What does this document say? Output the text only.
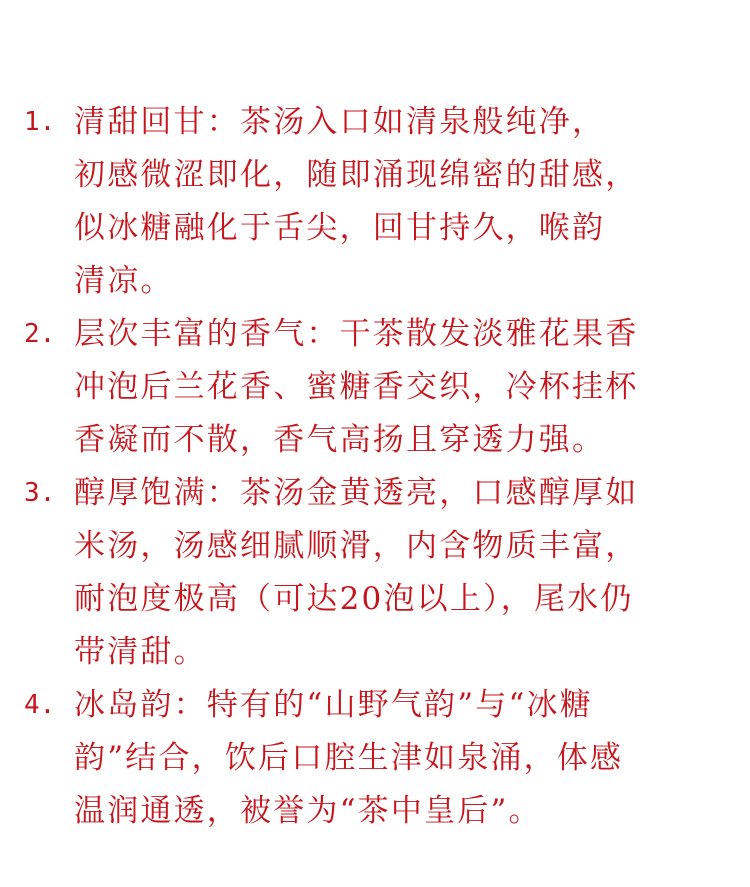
1. 清甜回甘：茶汤入口如清泉般纯净，
初感微涩即化，随即涌现绵密的甜感，
似冰糖融化于舌尖，回甘持久，喉韵
清凉。
2. 层次丰富的香气：干茶散发淡雅花果香
冲泡后兰花香、蜜糖香交织，冷杯挂杯
香凝而不散，香气高扬且穿透力强。
3. 醇厚饱满：茶汤金黄透亮，口感醇厚如
米汤，汤感细腻顺滑，内含物质丰富，
耐泡度极高（可达20泡以上），尾水仍
带清甜。
4. 冰岛韵：特有的“山野气韵”与“冰糖
韵”结合，饮后口腔生津如泉涌，体感
温润通透，被誉为“茶中皇后”。
